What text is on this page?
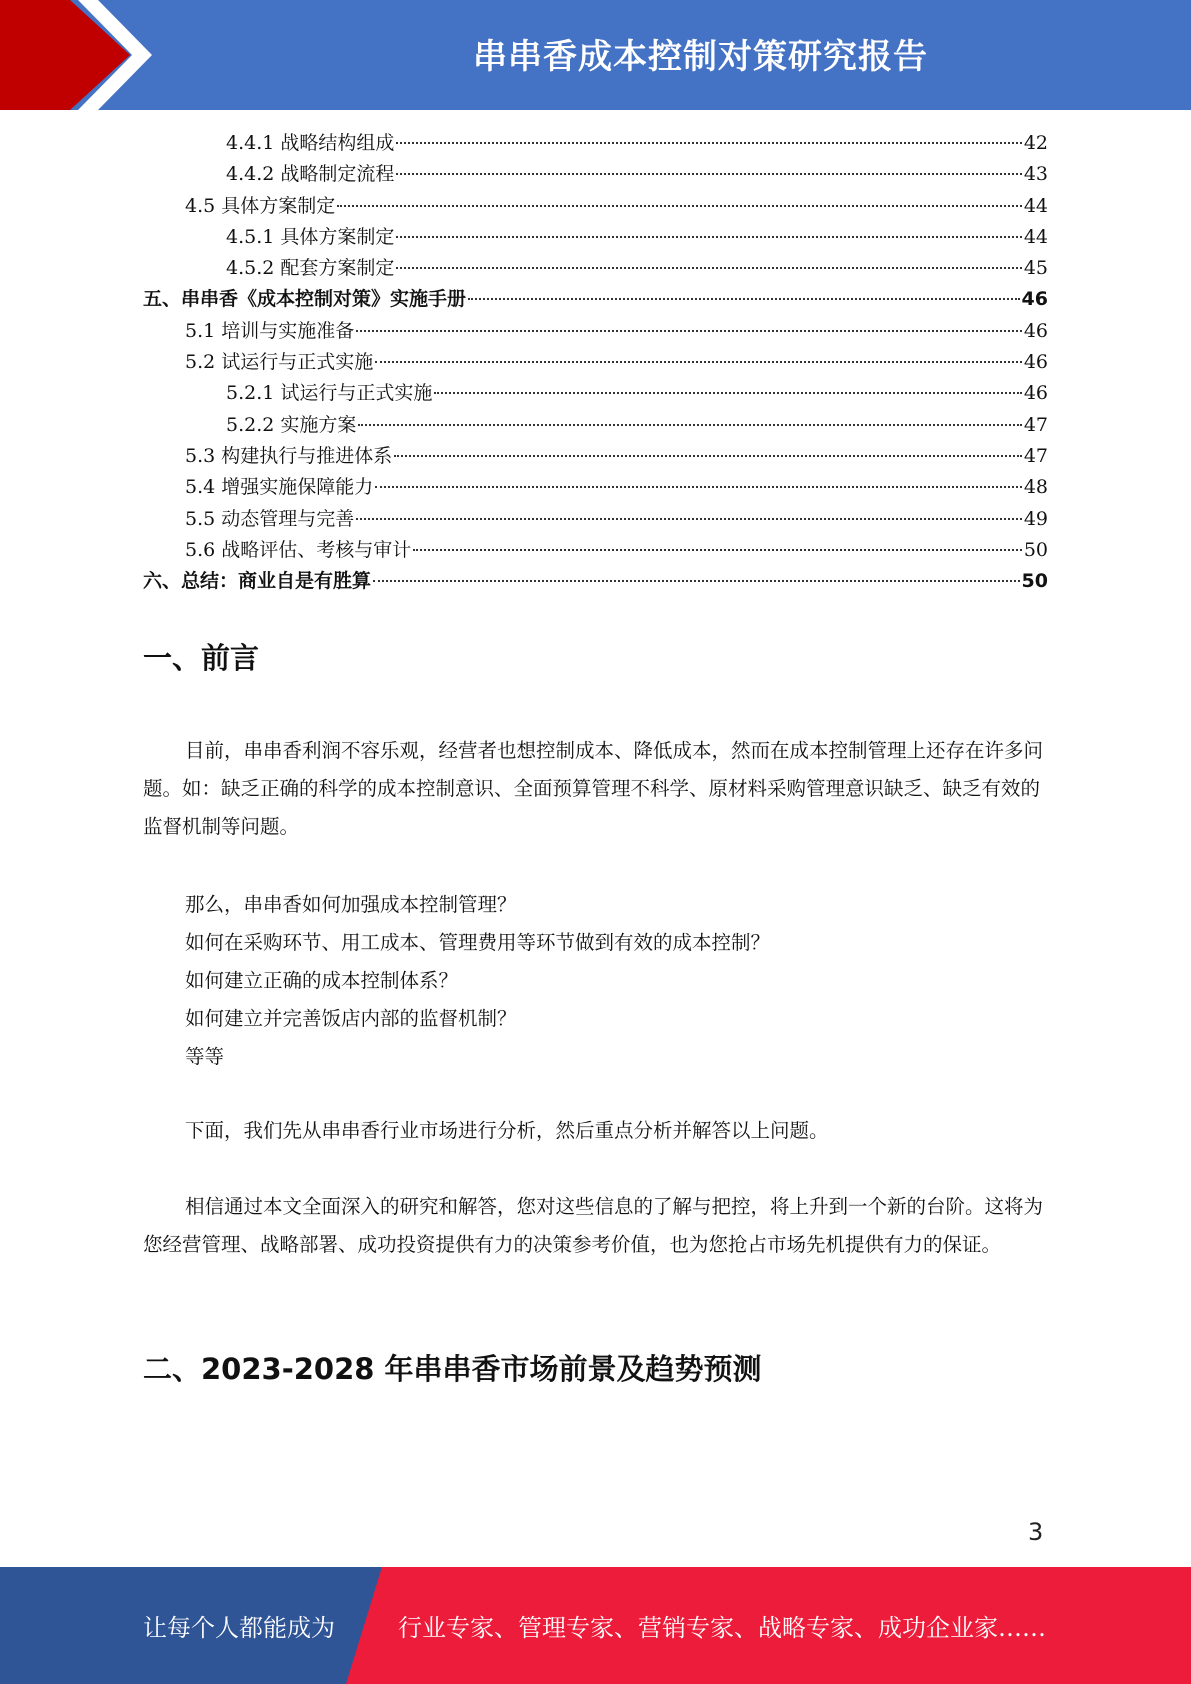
串串香成本控制对策研究报告
4.4.1 战略结构组成	42
4.4.2 战略制定流程	43
4.5 具体方案制定	44
4.5.1 具体方案制定	44
4.5.2 配套方案制定	45
五、串串香《成本控制对策》实施手册	46
5.1 培训与实施准备	46
5.2 试运行与正式实施	46
5.2.1 试运行与正式实施	46
5.2.2 实施方案	47
5.3 构建执行与推进体系	47
5.4 增强实施保障能力	48
5.5 动态管理与完善	49
5.6 战略评估、考核与审计	50
六、总结：商业自是有胜算	50
一、前言

目前，串串香利润不容乐观，经营者也想控制成本、降低成本，然而在成本控制管理上还存在许多问题。如：缺乏正确的科学的成本控制意识、全面预算管理不科学、原材料采购管理意识缺乏、缺乏有效的监督机制等问题。

那么，串串香如何加强成本控制管理？
如何在采购环节、用工成本、管理费用等环节做到有效的成本控制？
如何建立正确的成本控制体系？
如何建立并完善饭店内部的监督机制？
等等

下面，我们先从串串香行业市场进行分析，然后重点分析并解答以上问题。

相信通过本文全面深入的研究和解答，您对这些信息的了解与把控，将上升到一个新的台阶。这将为您经营管理、战略部署、成功投资提供有力的决策参考价值，也为您抢占市场先机提供有力的保证。

二、2023-2028 年串串香市场前景及趋势预测
3
让每个人都能成为	行业专家、管理专家、营销专家、战略专家、成功企业家……
